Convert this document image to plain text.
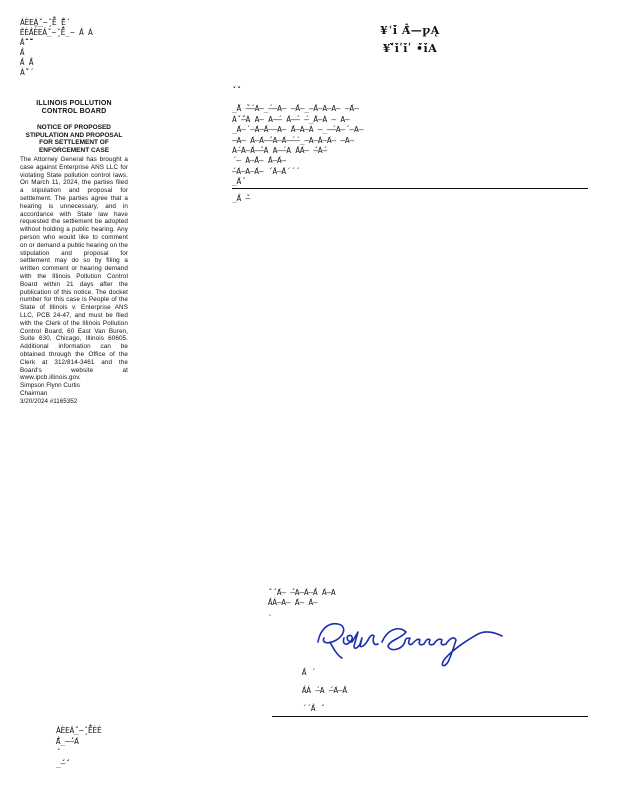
ÁÈEÁ̯̌́_̴̧̌ Ẻ̃̌ ̆̈́̀È́
́ÈÈ́ÁÈEÁ̌́_̴̧̌ Ẻ̃̌́_̴ ́Á Á
́Á̃̌́ ̃́̀̃̀́́́
́Á
́Á ́̀́Á
Á̀́́̌́ ́
ILLINOIS POLLUTION CONTROL BOARD
NOTICE OF PROPOSED STIPULATION AND PROPOSAL FOR SETTLEMENT OF ENFORCEMENT CASE
The Attorney General has brought a case against Enterprise ANS LLC for violating State pollution control laws. On March 11, 2024, the parties filed a stipulation and proposal for settlement. The parties agree that a hearing is unnecessary, and in accordance with State law have requested the settlement be adopted without holding a public hearing. Any person who would like to comment on or demand a public hearing on the stipulation and proposal for settlement may do so by filing a written comment or hearing demand with the Illinois Pollution Control Board within 21 days after the publication of this notice. The docket number for this case is People of the State of Illinois v. Enterprise ANS LLC, PCB 24-47, and must be filed with the Clerk of the Illinois Pollution Control Board, 60 East Van Buren, Suite 630, Chicago, Illinois 60605. Additional information can be obtained through the Office of the Clerk at 312/814-3461 and the Board's website at www.ipcb.illinois.gov.
Simpson Flynn Curtis
Chairman
3/20/2024 #1165352
¥ʿı́̀́̀ Á̂̀—ƿĄ
¥ʹ̀́ı́̀ʹı́̀ʹ •́̀ı́̀A
́̀́ ́̀́́́́
_́̀Á ́̀—́—A—_́——A— —́Á—_—́Á—A—A— —́A—
Á̀́ ́̀́—Á A— A—́— ́́A—́— ́—_́Á—Á — A—
_́A—́ —́A—́Á——A— ́Á—A—Á —_—́—A—́ —A—
—A— ́A—́A—́́—A—́A—́—́—_—A—Á—́A— —A—
Á́—Á—́́A—́́—Á A—́—A ́Á́A— ́́—Á́—
́ — Á—́́Á— ́Á—́A—
́—́A—A—́A— ́́ ́Á—́Á́ ́ ́
_́Á́́
_́Á ́̀—
́̀ ́́ ́́A— ́́—A—́A—́́Á ́A—A
́ÁÁ—A— ́A— ́A—
`
́Á ́
́ÁÁ ́—A ́—́A—́Á
́ ́ ́Á ́́́
ÁÈEÁ̌́_̴̧̌ Ẻ̃̌́ÈÉ
́́̃́Á_̴́́́́—́A
_́́́—́́́́́
